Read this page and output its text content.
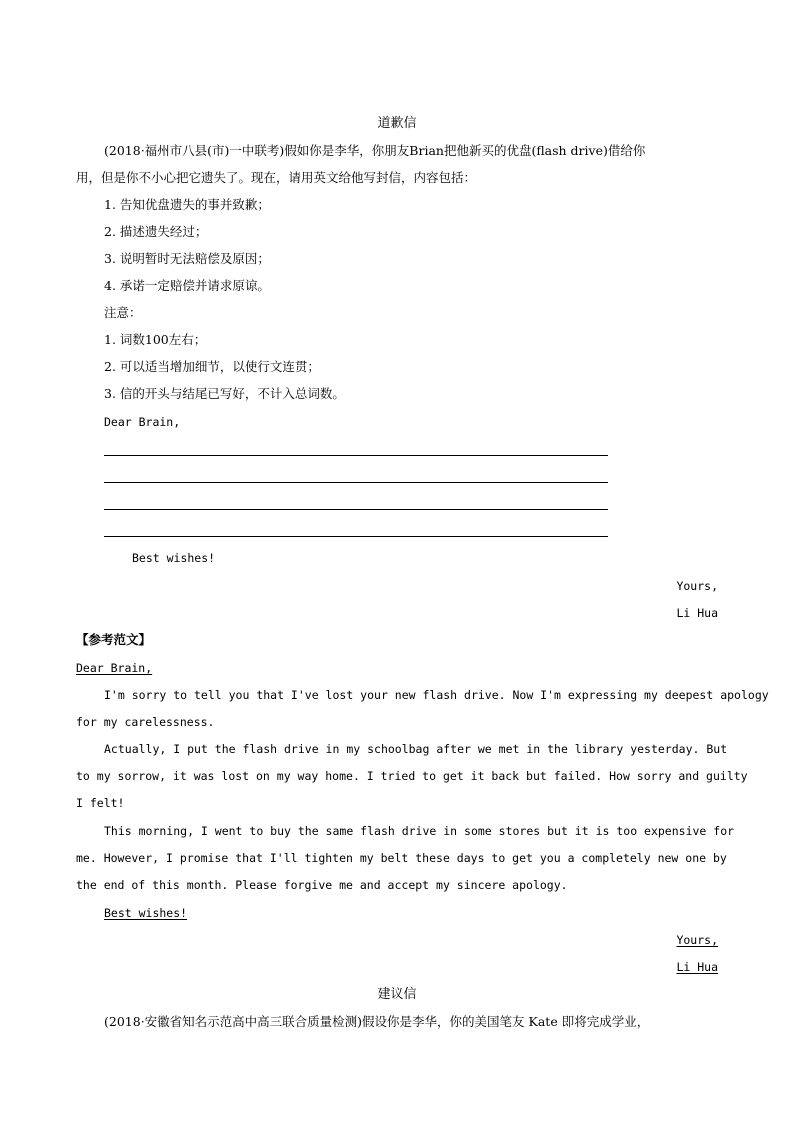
道歉信
(2018·福州市八县(市)一中联考)假如你是李华，你朋友Brian把他新买的优盘(flash drive)借给你
用，但是你不小心把它遗失了。现在，请用英文给他写封信，内容包括：
1. 告知优盘遗失的事并致歉；
2. 描述遗失经过；
3. 说明暂时无法赔偿及原因；
4. 承诺一定赔偿并请求原谅。
注意：
1. 词数100左右；
2. 可以适当增加细节，以使行文连贯；
3. 信的开头与结尾已写好，不计入总词数。
Dear Brain,
Best wishes!
Yours,
Li Hua
【参考范文】
Dear Brain,
I'm sorry to tell you that I've lost your new flash drive. Now I'm expressing my deepest apology
for my carelessness.
Actually, I put the flash drive in my schoolbag after we met in the library yesterday. But
to my sorrow, it was lost on my way home. I tried to get it back but failed. How sorry and guilty
I felt!
This morning, I went to buy the same flash drive in some stores but it is too expensive for
me. However, I promise that I'll tighten my belt these days to get you a completely new one by
the end of this month. Please forgive me and accept my sincere apology.
Best wishes!
Yours,
Li Hua
建议信
(2018·安徽省知名示范高中高三联合质量检测)假设你是李华，你的美国笔友 Kate 即将完成学业，
